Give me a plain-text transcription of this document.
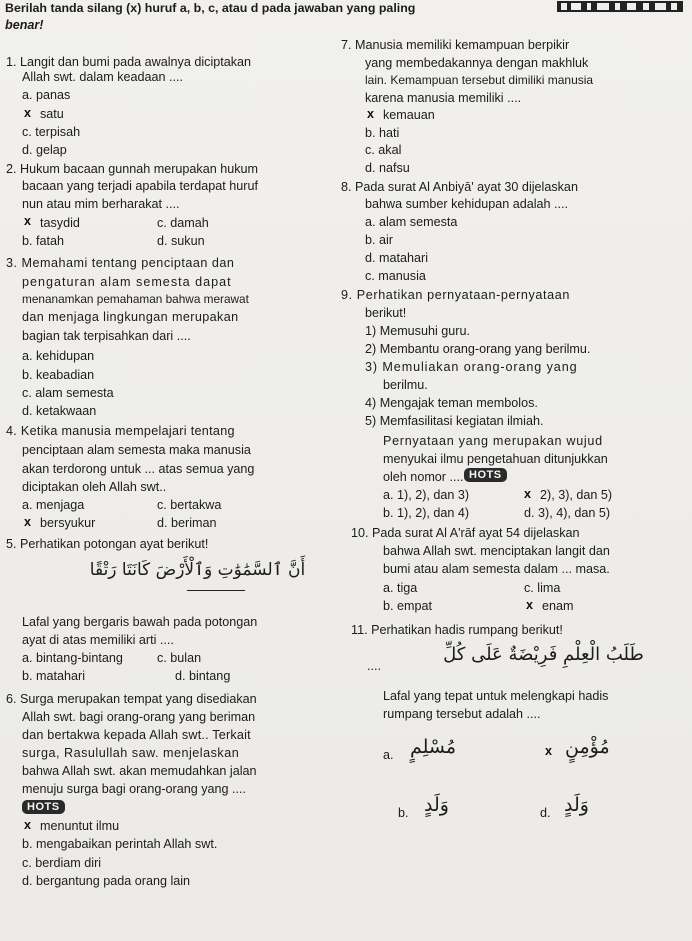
Berilah tanda silang (x) huruf a, b, c, atau d pada jawaban yang paling
benar!
1. Langit dan bumi pada awalnya diciptakan
Allah swt. dalam keadaan ....
a. panas
x satu
c. terpisah
d. gelap
2. Hukum bacaan gunnah merupakan hukum
bacaan yang terjadi apabila terdapat huruf
nun atau mim berharakat ....
x tasydid	c. damah
b. fatah	d. sukun
3. Memahami tentang penciptaan dan
pengaturan alam semesta dapat
menanamkan pemahaman bahwa merawat
dan menjaga lingkungan merupakan
bagian tak terpisahkan dari ....
a. kehidupan
b. keabadian
c. alam semesta
d. ketakwaan
4. Ketika manusia mempelajari tentang
penciptaan alam semesta maka manusia
akan terdorong untuk ... atas semua yang
diciptakan oleh Allah swt..
a. menjaga	c. bertakwa
x bersyukur	d. beriman
5. Perhatikan potongan ayat berikut!
أَنَّ ٱلسَّمَٰوَٰتِ وَٱلْأَرْضَ كَانَتَا رَتْقًا
Lafal yang bergaris bawah pada potongan
ayat di atas memiliki arti ....
a. bintang-bintang	c. bulan
b. matahari	d. bintang
6. Surga merupakan tempat yang disediakan
Allah swt. bagi orang-orang yang beriman
dan bertakwa kepada Allah swt.. Terkait
surga, Rasulullah saw. menjelaskan
bahwa Allah swt. akan memudahkan jalan
menuju surga bagi orang-orang yang ....
HOTS
x menuntut ilmu
b. mengabaikan perintah Allah swt.
c. berdiam diri
d. bergantung pada orang lain
7. Manusia memiliki kemampuan berpikir
yang membedakannya dengan makhluk
lain. Kemampuan tersebut dimiliki manusia
karena manusia memiliki ....
x kemauan
b. hati
c. akal
d. nafsu
8. Pada surat Al Anbiyā' ayat 30 dijelaskan
bahwa sumber kehidupan adalah ....
a. alam semesta
b. air
d. matahari
c. manusia
9. Perhatikan pernyataan-pernyataan
berikut!
1) Memusuhi guru.
2) Membantu orang-orang yang berilmu.
3) Memuliakan orang-orang yang
berilmu.
4) Mengajak teman membolos.
5) Memfasilitasi kegiatan ilmiah.
Pernyataan yang merupakan wujud
menyukai ilmu pengetahuan ditunjukkan
oleh nomor .... HOTS
a. 1), 2), dan 3)	x 2), 3), dan 5)
b. 1), 2), dan 4)	d. 3), 4), dan 5)
10. Pada surat Al A'rāf ayat 54 dijelaskan
bahwa Allah swt. menciptakan langit dan
bumi atau alam semesta dalam ... masa.
a. tiga	c. lima
b. empat	x enam
11. Perhatikan hadis rumpang berikut!
....
طَلَبُ الْعِلْمِ فَرِيْضَةٌ عَلَى كُلِّ
Lafal yang tepat untuk melengkapi hadis
rumpang tersebut adalah ....
a. مُسْلِمٍ	x مُؤْمِنٍ
b. وَلَدٍ	d. وَلَدٍ
